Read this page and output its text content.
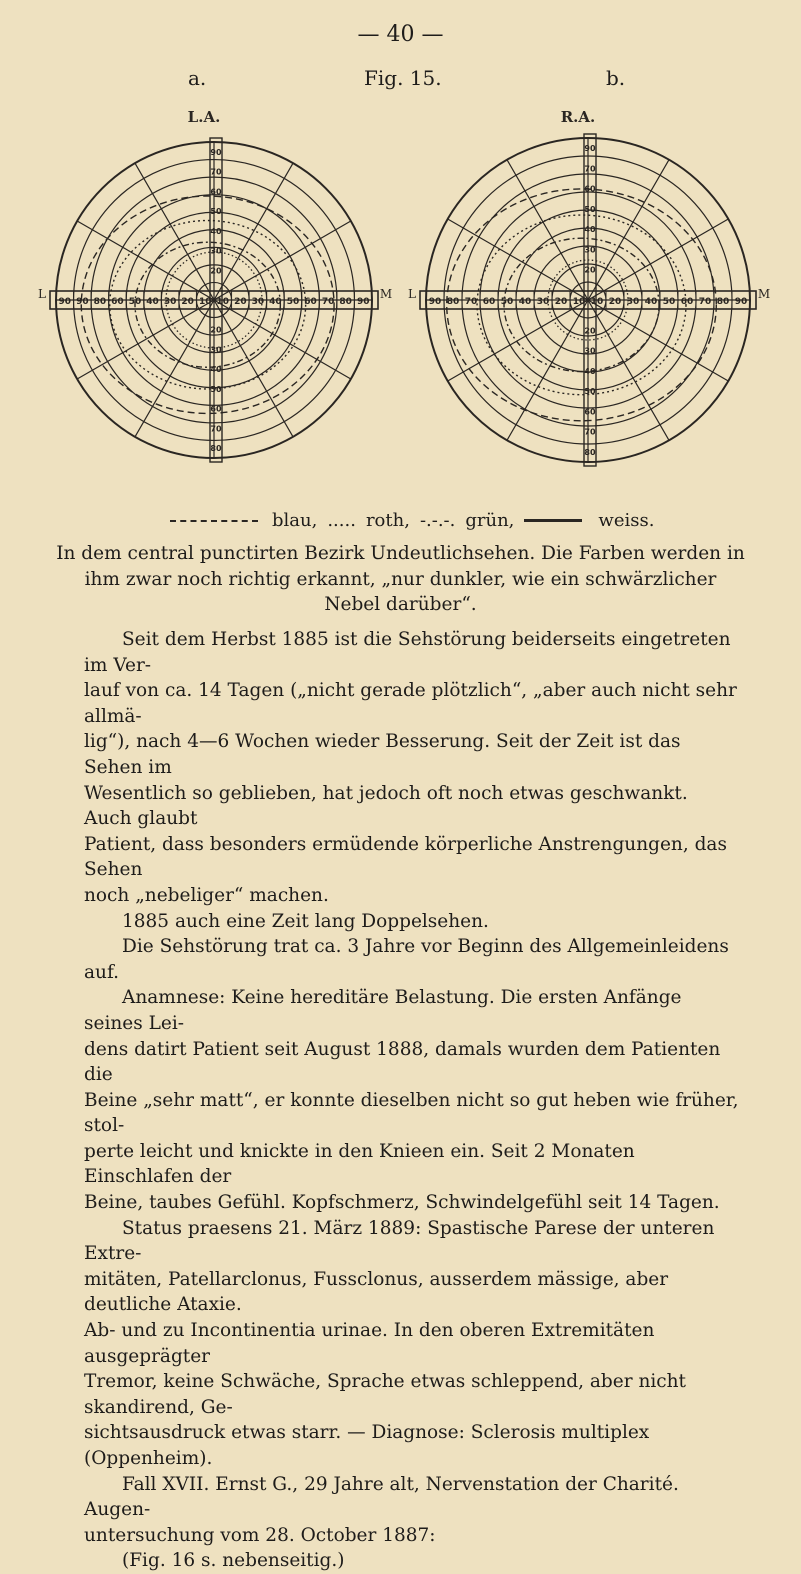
— 40 —
a.	Fig. 15.	b.
90 90 80 60 50 40 30 20 10 10 20 30 40 50 60 70 80 90
90
70
60
50
40
30
20
20
30
40
50
60
70
80
L.A.
L	M
90 80 70 60 50 40 30 20 10 10 20 30 40 50 60 70 80 90
90
70
60
50
40
30
20
20
30
40
50
60
70
80
R.A.
L	M
blau, ..... roth, -.-.-. grün,	weiss.

In dem central punctirten Bezirk Undeutlichsehen. Die Farben werden in

ihm zwar noch richtig erkannt, „nur dunkler, wie ein schwärzlicher

Nebel darüber“.

Seit dem Herbst 1885 ist die Sehstörung beiderseits eingetreten im Ver-

lauf von ca. 14 Tagen („nicht gerade plötzlich“, „aber auch nicht sehr allmä-

lig“), nach 4—6 Wochen wieder Besserung. Seit der Zeit ist das Sehen im

Wesentlich so geblieben, hat jedoch oft noch etwas geschwankt. Auch glaubt

Patient, dass besonders ermüdende körperliche Anstrengungen, das Sehen

noch „nebeliger“ machen.

1885 auch eine Zeit lang Doppelsehen.

Die Sehstörung trat ca. 3 Jahre vor Beginn des Allgemeinleidens auf.

Anamnese: Keine hereditäre Belastung. Die ersten Anfänge seines Lei-

dens datirt Patient seit August 1888, damals wurden dem Patienten die

Beine „sehr matt“, er konnte dieselben nicht so gut heben wie früher, stol-

perte leicht und knickte in den Knieen ein. Seit 2 Monaten Einschlafen der

Beine, taubes Gefühl. Kopfschmerz, Schwindelgefühl seit 14 Tagen.

Status praesens 21. März 1889: Spastische Parese der unteren Extre-

mitäten, Patellarclonus, Fussclonus, ausserdem mässige, aber deutliche Ataxie.

Ab- und zu Incontinentia urinae. In den oberen Extremitäten ausgeprägter

Tremor, keine Schwäche, Sprache etwas schleppend, aber nicht skandirend, Ge-

sichtsausdruck etwas starr. — Diagnose: Sclerosis multiplex (Oppenheim).

Fall XVII. Ernst G., 29 Jahre alt, Nervenstation der Charité. Augen-

untersuchung vom 28. October 1887:

(Fig. 16 s. nebenseitig.)
